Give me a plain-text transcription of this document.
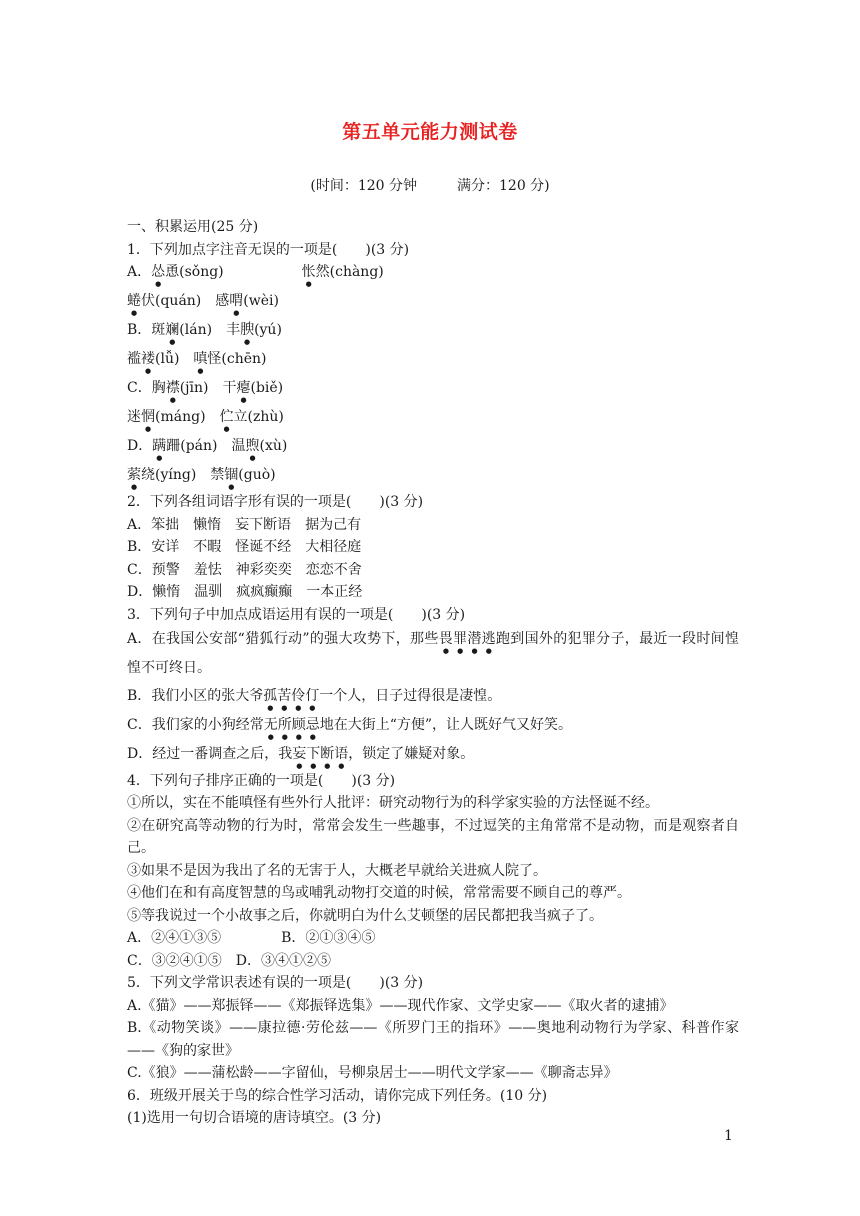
第五单元能力测试卷
(时间：120 分钟	满分：120 分)

一、积累运用(25 分)

1．下列加点字注音无误的一项是(　　)(3 分)

A．怂恿(sǒng)	怅然(chàng)

蜷伏(quán)　 感喟(wèi)

B．斑斓(lán)　 丰腴(yú)

褴褛(lǚ)　 嗔怪(chēn)

C．胸襟(jīn)　 干瘪(biě)

迷惘(máng)　 伫立(zhù)

D．蹒跚(pán)　 温煦(xù)

萦绕(yíng)　 禁锢(guò)

2．下列各组词语字形有误的一项是(　　)(3 分)

A．笨拙　懒惰　妄下断语　据为己有

B．安详　不暇　怪诞不经　大相径庭

C．预警　羞怯　神彩奕奕　恋恋不舍

D．懒惰　温驯　疯疯癫癫　一本正经

3．下列句子中加点成语运用有误的一项是(　　)(3 分)

A．在我国公安部“猎狐行动”的强大攻势下，那些畏罪潜逃跑到国外的犯罪分子，最近一段时间惶惶不可终日。

B．我们小区的张大爷孤苦伶仃一个人，日子过得很是凄惶。

C．我们家的小狗经常无所顾忌地在大街上“方便”，让人既好气又好笑。

D．经过一番调查之后，我妄下断语，锁定了嫌疑对象。

4．下列句子排序正确的一项是(　　)(3 分)

①所以，实在不能嗔怪有些外行人批评：研究动物行为的科学家实验的方法怪诞不经。

②在研究高等动物的行为时，常常会发生一些趣事，不过逗笑的主角常常不是动物，而是观察者自己。

③如果不是因为我出了名的无害于人，大概老早就给关进疯人院了。

④他们在和有高度智慧的鸟或哺乳动物打交道的时候，常常需要不顾自己的尊严。

⑤等我说过一个小故事之后，你就明白为什么艾顿堡的居民都把我当疯子了。

A．②④①③⑤	B．②①③④⑤

C．③②④①⑤　 D．③④①②⑤

5．下列文学常识表述有误的一项是(　　)(3 分)

A.《猫》——郑振铎——《郑振铎选集》——现代作家、文学史家——《取火者的逮捕》

B.《动物笑谈》——康拉德·劳伦兹——《所罗门王的指环》——奥地利动物行为学家、科普作家——《狗的家世》

C.《狼》——蒲松龄——字留仙，号柳泉居士——明代文学家——《聊斋志异》

6．班级开展关于鸟的综合性学习活动，请你完成下列任务。(10 分)

(1)选用一句切合语境的唐诗填空。(3 分)

1
